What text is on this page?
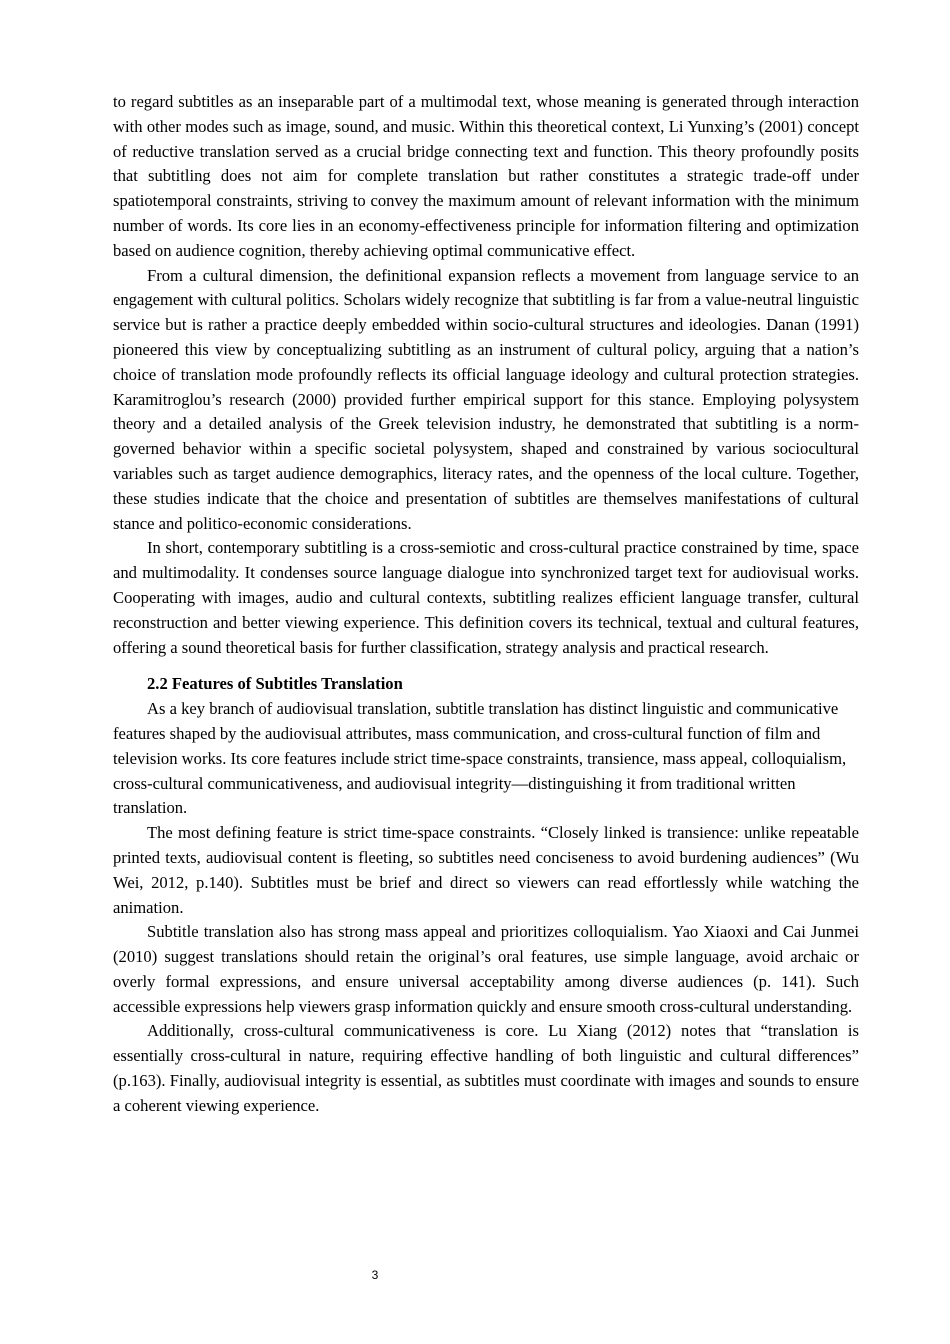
to regard subtitles as an inseparable part of a multimodal text, whose meaning is generated through interaction with other modes such as image, sound, and music. Within this theoretical context, Li Yunxing’s (2001) concept of reductive translation served as a crucial bridge connecting text and function. This theory profoundly posits that subtitling does not aim for complete translation but rather constitutes a strategic trade-off under spatiotemporal constraints, striving to convey the maximum amount of relevant information with the minimum number of words. Its core lies in an economy-effectiveness principle for information filtering and optimization based on audience cognition, thereby achieving optimal communicative effect.

From a cultural dimension, the definitional expansion reflects a movement from language service to an engagement with cultural politics. Scholars widely recognize that subtitling is far from a value-neutral linguistic service but is rather a practice deeply embedded within socio-cultural structures and ideologies. Danan (1991) pioneered this view by conceptualizing subtitling as an instrument of cultural policy, arguing that a nation’s choice of translation mode profoundly reflects its official language ideology and cultural protection strategies. Karamitroglou’s research (2000) provided further empirical support for this stance. Employing polysystem theory and a detailed analysis of the Greek television industry, he demonstrated that subtitling is a norm-governed behavior within a specific societal polysystem, shaped and constrained by various sociocultural variables such as target audience demographics, literacy rates, and the openness of the local culture. Together, these studies indicate that the choice and presentation of subtitles are themselves manifestations of cultural stance and politico-economic considerations.

In short, contemporary subtitling is a cross-semiotic and cross-cultural practice constrained by time, space and multimodality. It condenses source language dialogue into synchronized target text for audiovisual works. Cooperating with images, audio and cultural contexts, subtitling realizes efficient language transfer, cultural reconstruction and better viewing experience. This definition covers its technical, textual and cultural features, offering a sound theoretical basis for further classification, strategy analysis and practical research.

2.2 Features of Subtitles Translation

As a key branch of audiovisual translation, subtitle translation has distinct linguistic and communicative features shaped by the audiovisual attributes, mass communication, and cross-cultural function of film and television works. Its core features include strict time-space constraints, transience, mass appeal, colloquialism, cross-cultural communicativeness, and audiovisual integrity—distinguishing it from traditional written translation.

The most defining feature is strict time-space constraints. “Closely linked is transience: unlike repeatable printed texts, audiovisual content is fleeting, so subtitles need conciseness to avoid burdening audiences” (Wu Wei, 2012, p.140). Subtitles must be brief and direct so viewers can read effortlessly while watching the animation.

Subtitle translation also has strong mass appeal and prioritizes colloquialism. Yao Xiaoxi and Cai Junmei (2010) suggest translations should retain the original’s oral features, use simple language, avoid archaic or overly formal expressions, and ensure universal acceptability among diverse audiences (p. 141). Such accessible expressions help viewers grasp information quickly and ensure smooth cross-cultural understanding.

Additionally, cross-cultural communicativeness is core. Lu Xiang (2012) notes that “translation is essentially cross-cultural in nature, requiring effective handling of both linguistic and cultural differences” (p.163). Finally, audiovisual integrity is essential, as subtitles must coordinate with images and sounds to ensure a coherent viewing experience.

3
